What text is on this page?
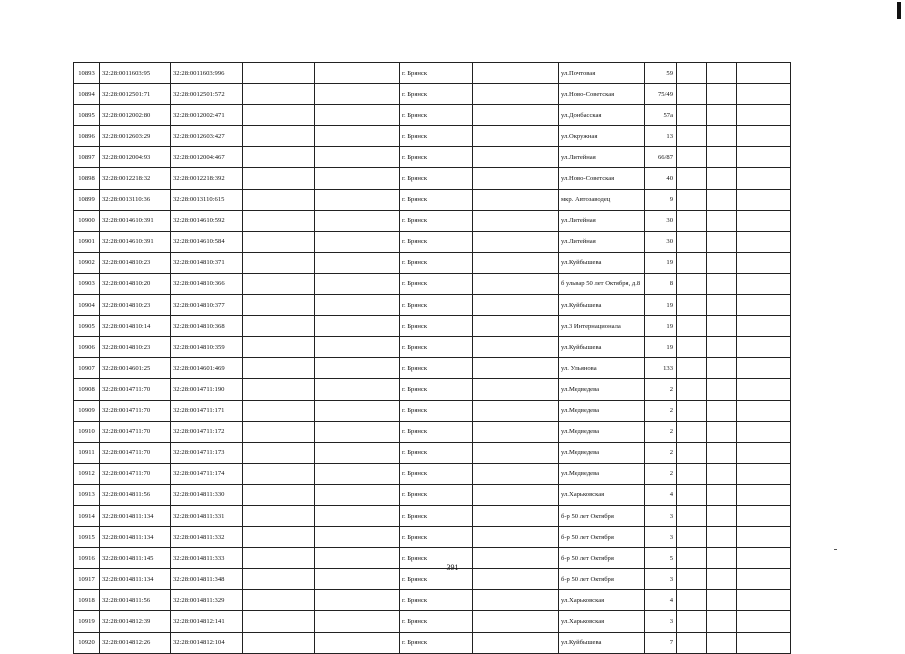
10893	32:28:0011603:95	32:28:0011603:996			г. Брянск		ул.Почтовая	59			
10894	32:28:0012501:71	32:28:0012501:572			г. Брянск		ул.Ново-Советская	75/49			
10895	32:28:0012002:80	32:28:0012002:471			г. Брянск		ул.Донбасская	57а			
10896	32:28:0012603:29	32:28:0012603:427			г. Брянск		ул.Окружная	13			
10897	32:28:0012004:93	32:28:0012004:467			г. Брянск		ул.Литейная	66/87			
10898	32:28:0012218:32	32:28:0012218:392			г. Брянск		ул.Ново-Советская	40			
10899	32:28:0013110:36	32:28:0013110:615			г. Брянск		мкр. Автозаводец	9			
10900	32:28:0014610:391	32:28:0014610:592			г. Брянск		ул.Литейная	30			
10901	32:28:0014610:391	32:28:0014610:584			г. Брянск		ул.Литейная	30			
10902	32:28:0014810:23	32:28:0014810:371			г. Брянск		ул.Куйбышева	19			
10903	32:28:0014810:20	32:28:0014810:366			г. Брянск		б ульвар 50 лет Октября, д.8	8			
10904	32:28:0014810:23	32:28:0014810:377			г. Брянск		ул.Куйбышева	19			
10905	32:28:0014810:14	32:28:0014810:368			г. Брянск		ул.3 Интернационала	19			
10906	32:28:0014810:23	32:28:0014810:359			г. Брянск		ул.Куйбышева	19			
10907	32:28:0014601:25	32:28:0014601:469			г. Брянск		ул. Ульянова	133			
10908	32:28:0014711:70	32:28:0014711:190			г. Брянск		ул.Медведева	2			
10909	32:28:0014711:70	32:28:0014711:171			г. Брянск		ул.Медведева	2			
10910	32:28:0014711:70	32:28:0014711:172			г. Брянск		ул.Медведева	2			
10911	32:28:0014711:70	32:28:0014711:173			г. Брянск		ул.Медведева	2			
10912	32:28:0014711:70	32:28:0014711:174			г. Брянск		ул.Медведева	2			
10913	32:28:0014811:56	32:28:0014811:330			г. Брянск		ул.Харьковская	4			
10914	32:28:0014811:134	32:28:0014811:331			г. Брянск		б-р 50 лет Октября	3			
10915	32:28:0014811:134	32:28:0014811:332			г. Брянск		б-р 50 лет Октября	3			
10916	32:28:0014811:145	32:28:0014811:333			г. Брянск		б-р 50 лет Октября	5			
10917	32:28:0014811:134	32:28:0014811:348			г. Брянск		б-р 50 лет Октября	3			
10918	32:28:0014811:56	32:28:0014811:329			г. Брянск		ул.Харьковская	4			
10919	32:28:0014812:39	32:28:0014812:141			г. Брянск		ул.Харьковская	3			
10920	32:28:0014812:26	32:28:0014812:104			г. Брянск		ул.Куйбышева	7			
391
